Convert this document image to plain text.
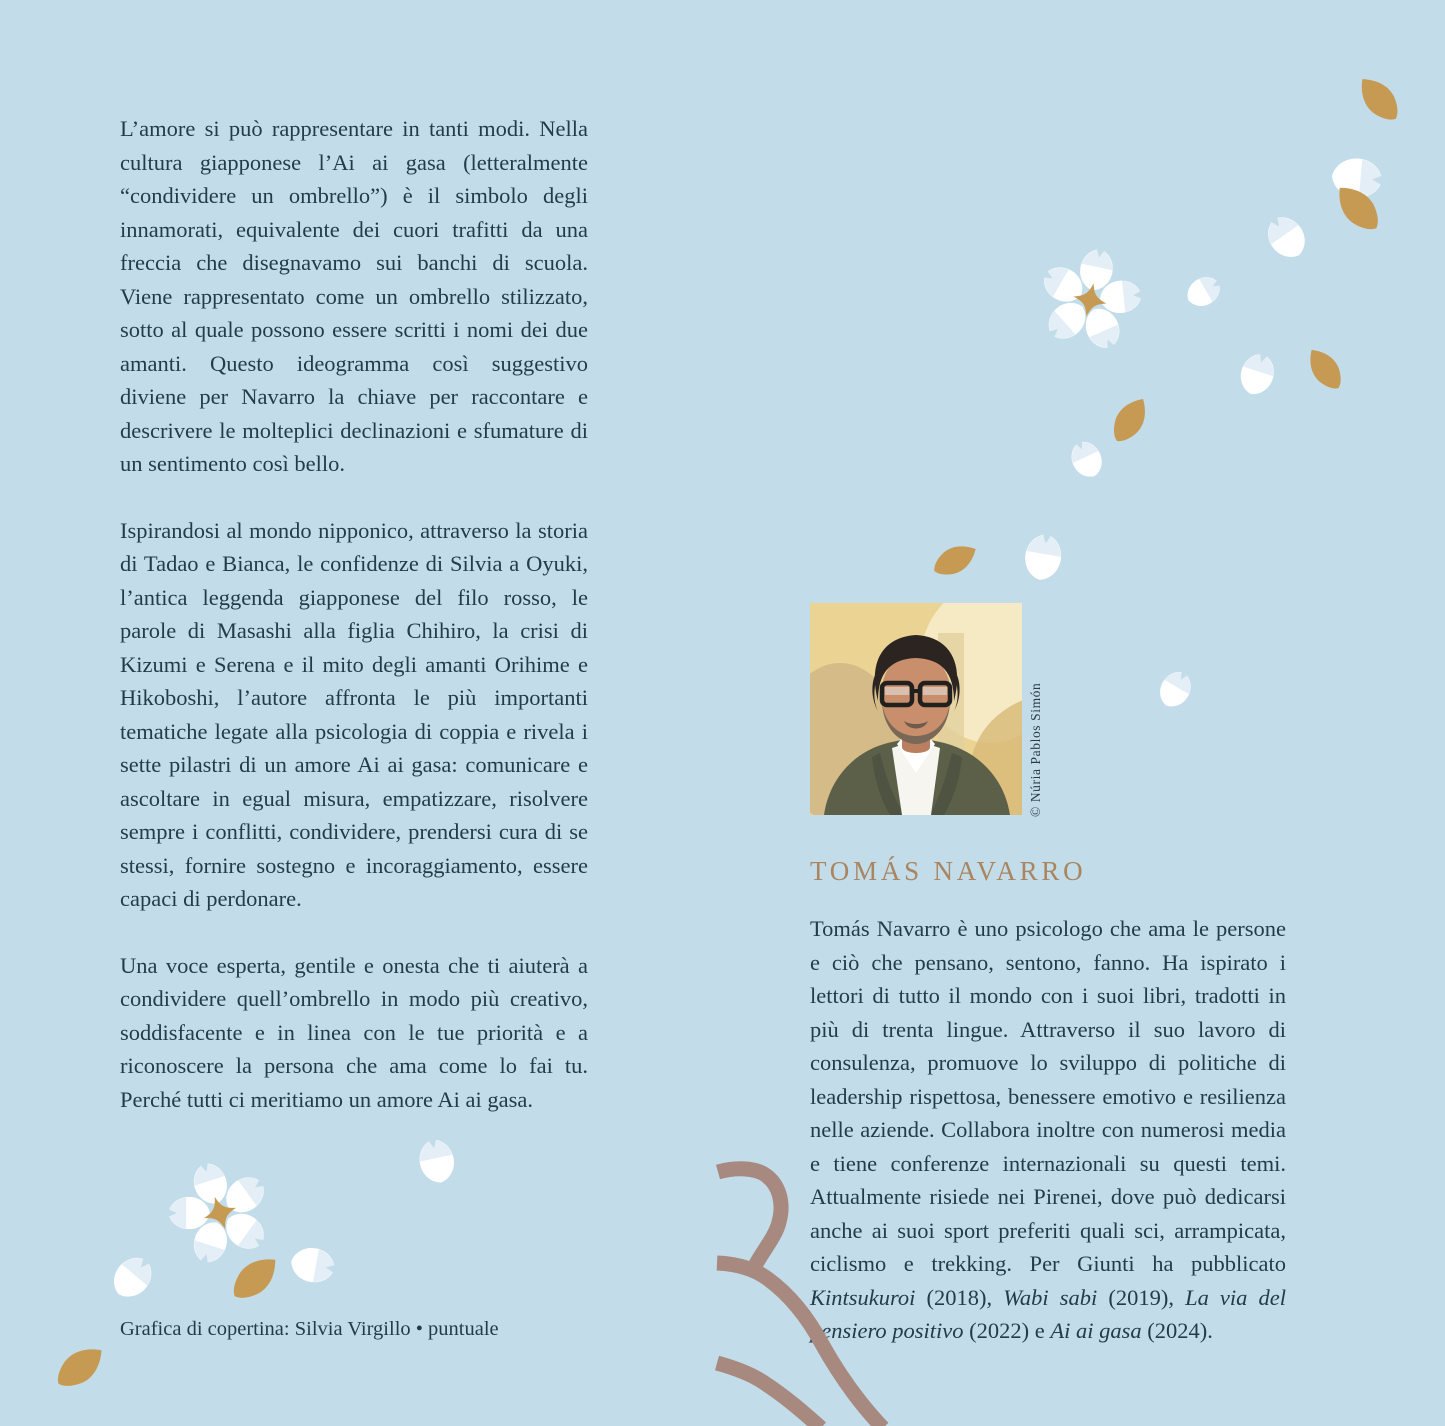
L’amore si può rappresentare in tanti modi. Nella cultura giapponese l’Ai ai gasa (letteralmente “condividere un ombrello”) è il simbolo degli innamorati, equivalente dei cuori trafitti da una freccia che disegnavamo sui banchi di scuola. Viene rappresentato come un ombrello stilizzato, sotto al quale possono essere scritti i nomi dei due amanti. Questo ideogramma così suggestivo diviene per Navarro la chiave per raccontare e descrivere le molteplici declinazioni e sfumature di un sentimento così bello.

Ispirandosi al mondo nipponico, attraverso la storia di Tadao e Bianca, le confidenze di Silvia a Oyuki, l’antica leggenda giapponese del filo rosso, le parole di Masashi alla figlia Chihiro, la crisi di Kizumi e Serena e il mito degli amanti Orihime e Hikoboshi, l’autore affronta le più importanti tematiche legate alla psicologia di coppia e rivela i sette pilastri di un amore Ai ai gasa: comunicare e ascoltare in egual misura, empatizzare, risolvere sempre i conflitti, condividere, prendersi cura di se stessi, fornire sostegno e incoraggiamento, essere capaci di perdonare.

Una voce esperta, gentile e onesta che ti aiuterà a condividere quell’ombrello in modo più creativo, soddisfacente e in linea con le tue priorità e a riconoscere la persona che ama come lo fai tu. Perché tutti ci meritiamo un amore Ai ai gasa.

Grafica di copertina: Silvia Virgillo • puntuale
© Núria Pablos Simón
TOMÁS NAVARRO
Tomás Navarro è uno psicologo che ama le persone e ciò che pensano, sentono, fanno. Ha ispirato i lettori di tutto il mondo con i suoi libri, tradotti in più di trenta lingue. Attraverso il suo lavoro di consulenza, promuove lo sviluppo di politiche di leadership rispettosa, benessere emotivo e resilienza nelle aziende. Collabora inoltre con numerosi media e tiene conferenze internazionali su questi temi. Attualmente risiede nei Pirenei, dove può dedicarsi anche ai suoi sport preferiti quali sci, arrampicata, ciclismo e trekking. Per Giunti ha pubblicato Kintsukuroi (2018), Wabi sabi (2019), La via del pensiero positivo (2022) e Ai ai gasa (2024).
